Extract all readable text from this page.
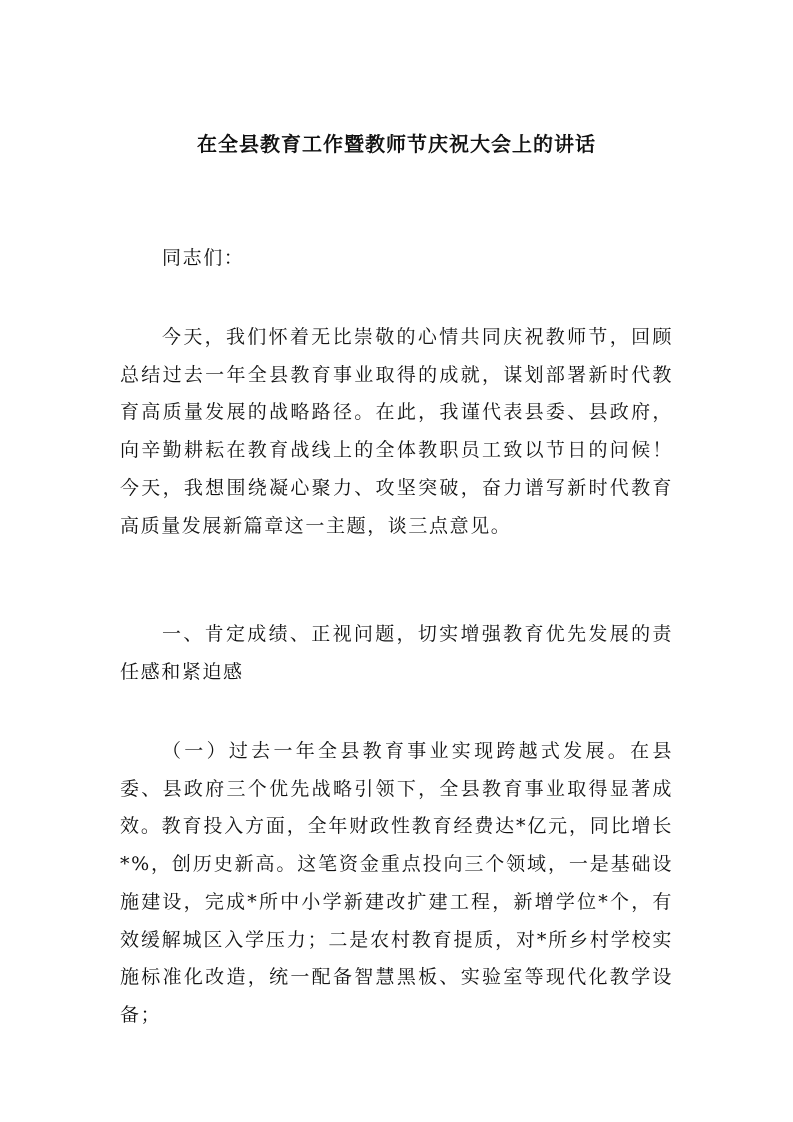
在全县教育工作暨教师节庆祝大会上的讲话

同志们：

今天，我们怀着无比崇敬的心情共同庆祝教师节，回顾总结过去一年全县教育事业取得的成就，谋划部署新时代教育高质量发展的战略路径。在此，我谨代表县委、县政府，向辛勤耕耘在教育战线上的全体教职员工致以节日的问候！今天，我想围绕凝心聚力、攻坚突破，奋力谱写新时代教育高质量发展新篇章这一主题，谈三点意见。

一、肯定成绩、正视问题，切实增强教育优先发展的责任感和紧迫感

（一）过去一年全县教育事业实现跨越式发展。在县委、县政府三个优先战略引领下，全县教育事业取得显著成效。教育投入方面，全年财政性教育经费达*亿元，同比增长*%，创历史新高。这笔资金重点投向三个领域，一是基础设施建设，完成*所中小学新建改扩建工程，新增学位*个，有效缓解城区入学压力；二是农村教育提质，对*所乡村学校实施标准化改造，统一配备智慧黑板、实验室等现代化教学设备；
